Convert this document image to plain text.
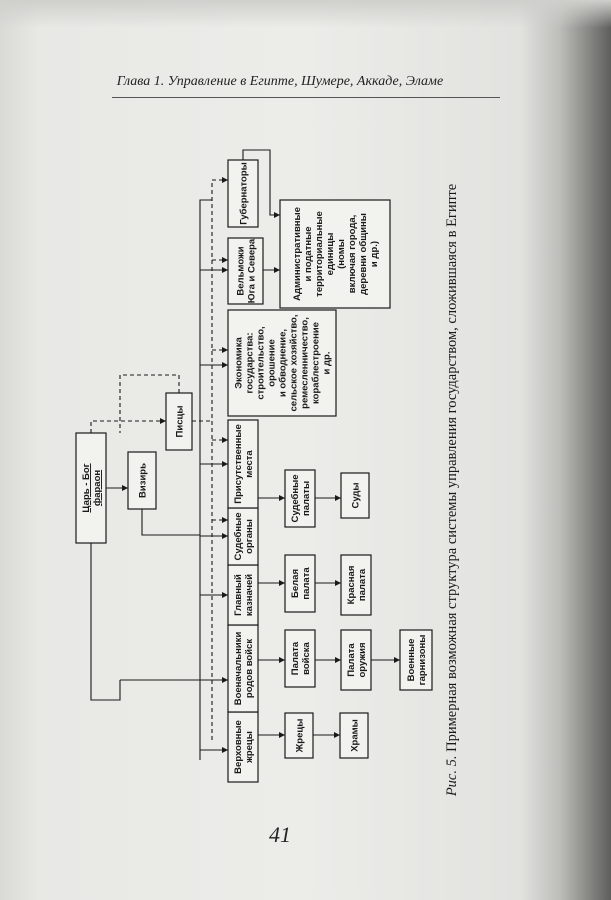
Глава 1. Управление в Египте, Шумере, Аккаде, Эламе
Царь - Бог фараон	Визирь
Писцы
Верховные жрецы
Военачальники родов войск
Главный казначей
Судебные органы
Присутственные места
Экономика государства: строительство, орошение и обводнение, сельское хозяйство, ремесленничество, кораблестроение и др.
Вельможи Юга и Севера
Губернаторы
Административные и податные территориальные единицы (номы включая города, деревни общины и др.)
Жрецы	Храмы
Палата войска	Палата оружия	Военные гарнизоны
Белая палата	Красная палата
Судебные палаты	Суды
Рис. 5. Примерная возможная структура системы управления государством, сложившаяся в Египте
41
